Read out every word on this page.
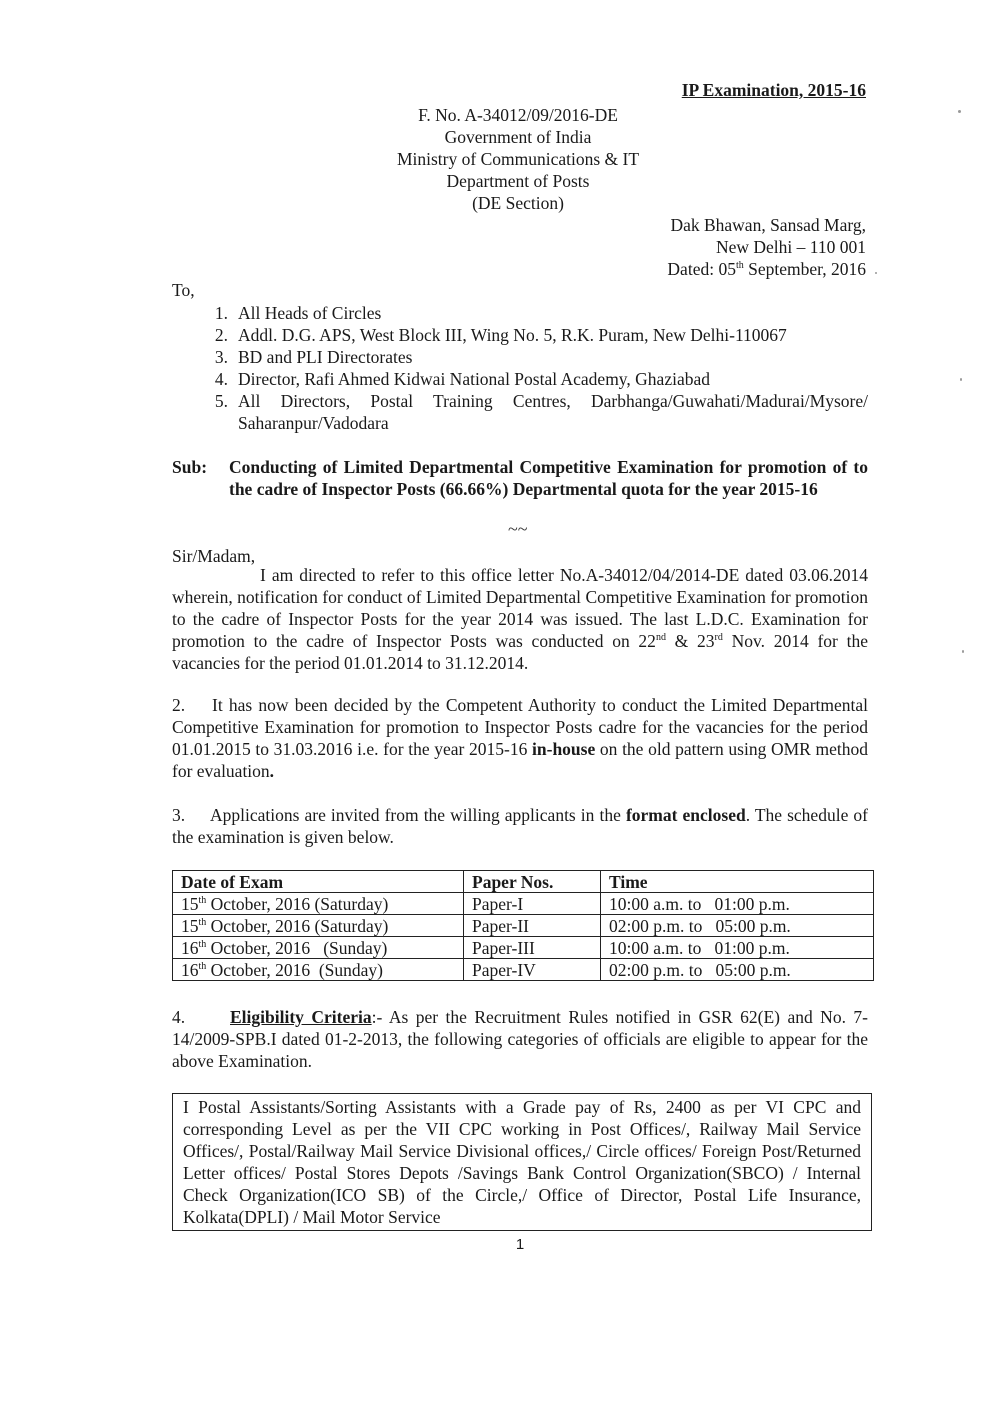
IP Examination, 2015-16
F. No. A-34012/09/2016-DE
Government of India
Ministry of Communications & IT
Department of Posts
(DE Section)
Dak Bhawan, Sansad Marg,
New Delhi – 110 001
Dated: 05th September, 2016
To,
1. All Heads of Circles
2. Addl. D.G. APS, West Block III, Wing No. 5, R.K. Puram, New Delhi-110067
3. BD and PLI Directorates
4. Director, Rafi Ahmed Kidwai National Postal Academy, Ghaziabad
5. All Directors, Postal Training Centres, Darbhanga/Guwahati/Madurai/Mysore/ Saharanpur/Vadodara
Sub:	Conducting of Limited Departmental Competitive Examination for promotion of to the cadre of Inspector Posts (66.66%) Departmental quota for the year 2015-16
~~
Sir/Madam,

I am directed to refer to this office letter No.A-34012/04/2014-DE dated 03.06.2014 wherein, notification for conduct of Limited Departmental Competitive Examination for promotion to the cadre of Inspector Posts for the year 2014 was issued. The last L.D.C. Examination for promotion to the cadre of Inspector Posts was conducted on 22nd & 23rd Nov. 2014 for the vacancies for the period 01.01.2014 to 31.12.2014.

2. It has now been decided by the Competent Authority to conduct the Limited Departmental Competitive Examination for promotion to Inspector Posts cadre for the vacancies for the period 01.01.2015 to 31.03.2016 i.e. for the year 2015-16 in-house on the old pattern using OMR method for evaluation.

3. Applications are invited from the willing applicants in the format enclosed. The schedule of the examination is given below.

Date of Exam	Paper Nos.	Time
15th October, 2016 (Saturday)	Paper-I	10:00 a.m. to   01:00 p.m.
15th October, 2016 (Saturday)	Paper-II	02:00 p.m. to   05:00 p.m.
16th October, 2016   (Sunday)	Paper-III	10:00 a.m. to   01:00 p.m.
16th October, 2016  (Sunday)	Paper-IV	02:00 p.m. to   05:00 p.m.

4.	Eligibility Criteria:- As per the Recruitment Rules notified in GSR 62(E) and No. 7-14/2009-SPB.I dated 01-2-2013, the following categories of officials are eligible to appear for the above Examination.

I Postal Assistants/Sorting Assistants with a Grade pay of Rs, 2400 as per VI CPC and corresponding Level as per the VII CPC working in Post Offices/, Railway Mail Service Offices/, Postal/Railway Mail Service Divisional offices,/ Circle offices/ Foreign Post/Returned Letter offices/ Postal Stores Depots /Savings Bank Control Organization(SBCO) / Internal Check Organization(ICO SB) of the Circle,/ Office of Director, Postal Life Insurance, Kolkata(DPLI) / Mail Motor Service
1
